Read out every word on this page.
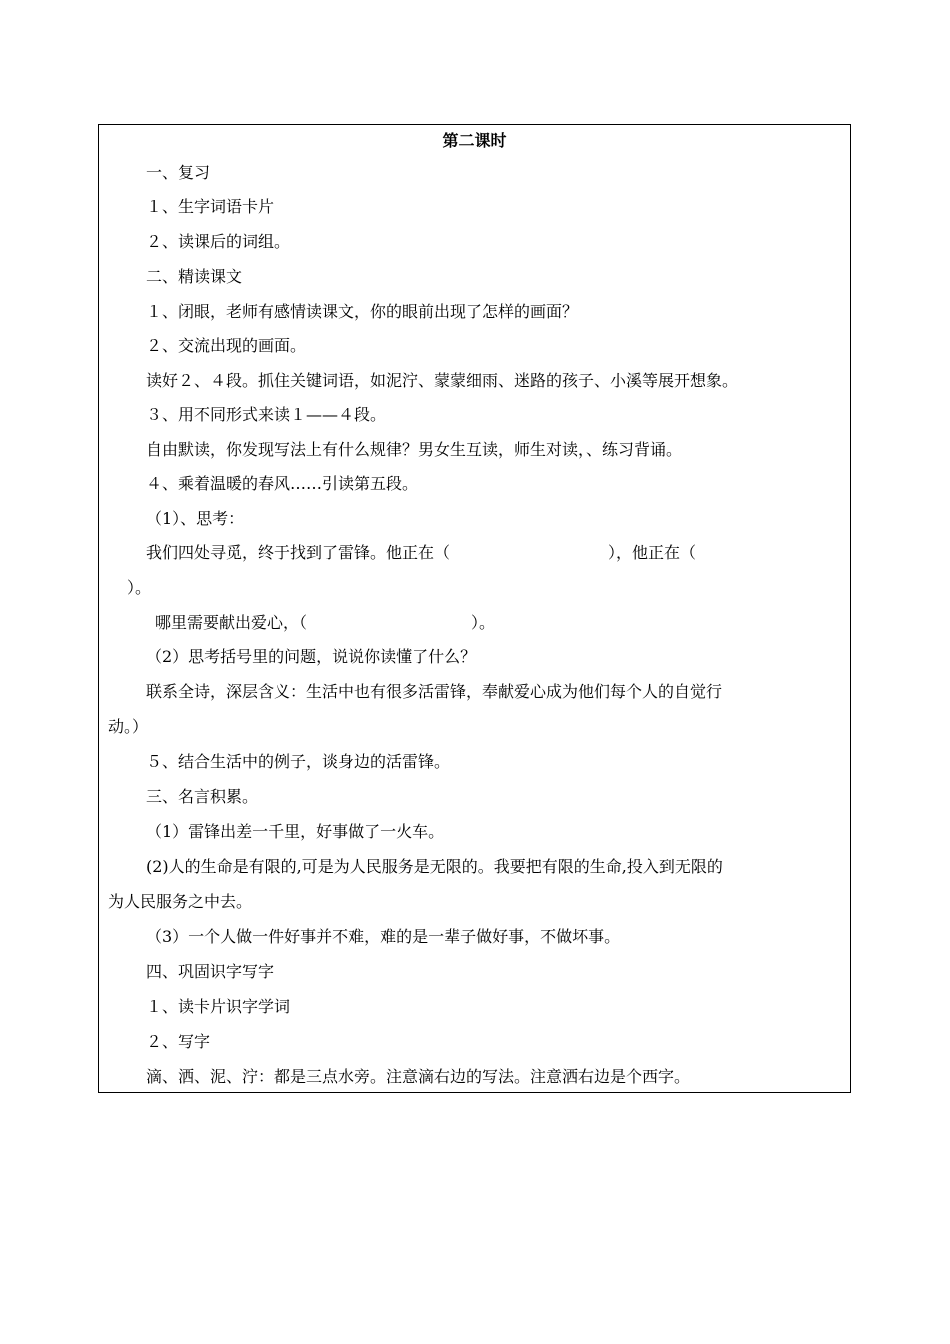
第二课时
一、复习
１、生字词语卡片
２、读课后的词组。
二、精读课文
１、闭眼，老师有感情读课文，你的眼前出现了怎样的画面？
２、交流出现的画面。
读好２、４段。抓住关键词语，如泥泞、蒙蒙细雨、迷路的孩子、小溪等展开想象。
３、用不同形式来读１——４段。
自由默读，你发现写法上有什么规律？男女生互读，师生对读，、练习背诵。
４、乘着温暖的春风……引读第五段。
（1）、思考：
我们四处寻觅，终于找到了雷锋。他正在（	），他正在（
）。
哪里需要献出爱心，（	）。
（2）思考括号里的问题，说说你读懂了什么？
联系全诗，深层含义：生活中也有很多活雷锋，奉献爱心成为他们每个人的自觉行
动。）
５、结合生活中的例子，谈身边的活雷锋。
三、名言积累。
（1）雷锋出差一千里，好事做了一火车。
(2)人的生命是有限的,可是为人民服务是无限的。我要把有限的生命,投入到无限的
为人民服务之中去。
（3）一个人做一件好事并不难，难的是一辈子做好事，不做坏事。
四、巩固识字写字
１、读卡片识字学词
２、写字
滴、洒、泥、泞：都是三点水旁。注意滴右边的写法。注意洒右边是个西字。
